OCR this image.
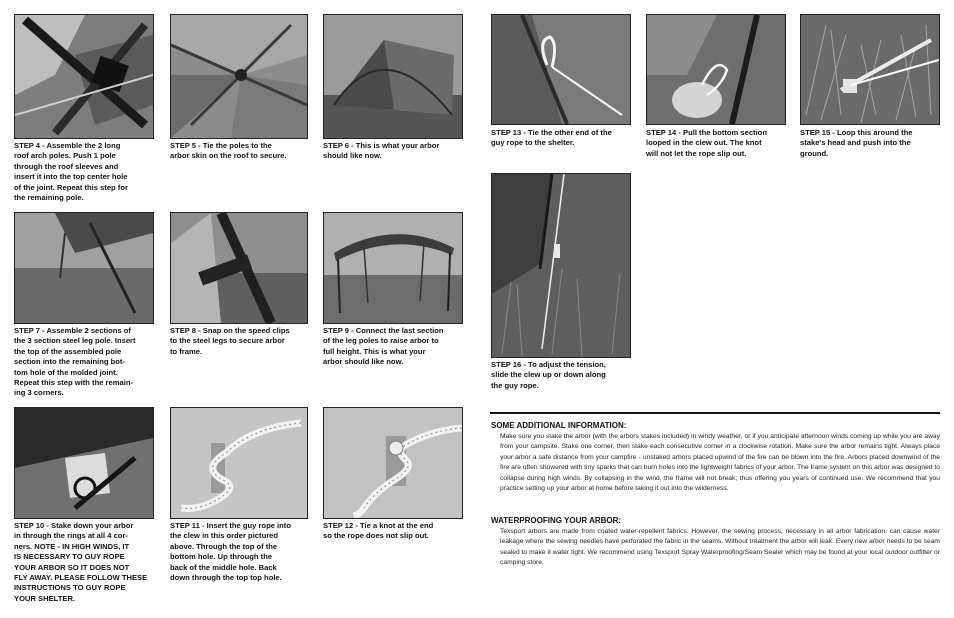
STEP 4 - Assemble the 2 long
roof arch poles. Push 1 pole
through the roof sleeves and
insert it into the top center hole
of the joint. Repeat this step for
the remaining pole.
STEP 5 - Tie the poles to the
arbor skin on the roof to secure.
STEP 6 - This is what your arbor
should like now.
STEP 7 - Assemble 2 sections of
the 3 section steel leg pole. Insert
the top of the assembled pole
section into the remaining bot-
tom hole of the molded joint.
Repeat this step with the remain-
ing 3 corners.
STEP 8 - Snap on the speed clips
to the steel legs to secure arbor
to frame.
STEP 9 - Connect the last section
of the leg poles to raise arbor to
full height. This is what your
arbor should like now.
STEP 10 - Stake down your arbor
in through the rings at all 4 cor-
ners. NOTE - IN HIGH WINDS, IT
IS NECESSARY TO GUY ROPE
YOUR ARBOR SO IT DOES NOT
FLY AWAY. PLEASE FOLLOW THESE
INSTRUCTIONS TO GUY ROPE
YOUR SHELTER.
STEP 11 - Insert the guy rope into
the clew in this order pictured
above. Through the top of the
bottom hole. Up through the
back of the middle hole. Back
down through the top top hole.
STEP 12 - Tie a knot at the end
so the rope does not slip out.
STEP 13 - Tie the other end of the
guy rope to the shelter.
STEP 14 - Pull the bottom section
looped in the clew out. The knot
will not let the rope slip out.
STEP 15 - Loop this around the
stake's head and push into the
ground.
STEP 16 - To adjust the tension,
slide the clew up or down along
the guy rope.
SOME ADDITIONAL INFORMATION:
Make sure you stake the arbor (with the arbors stakes included) in windy weather, or if you anticipate afternoon winds coming up while you are away from your campsite. Stake one corner, then stake each consecutive corner in a clockwise rotation. Make sure the arbor remains tight. Always place your arbor a safe distance from your campfire - unstaked arbors placed upwind of the fire can be blown into the fire. Arbors placed downwind of the fire are often showered with tiny sparks that can burn holes into the lightweight fabrics of your arbor. The frame system on this arbor was designed to collapse during high winds. By collapsing in the wind, the frame will not break; thus offering you years of continued use. We recommend that you practice setting up your arbor at home before taking it out into the wilderness.
WATERPROOFING YOUR ARBOR:
Texsport arbors are made from coated water-repellent fabrics. However, the sewing process, necessary in all arbor fabrication, can cause water leakage where the sewing needles have perforated the fabric in the seams. Without treatment the arbor will leak. Every new arbor needs to be seam sealed to make it water tight. We recommend using Texsport Spray Waterproofing/Seam Sealer which may be found at your local outdoor outfitter or camping store.
